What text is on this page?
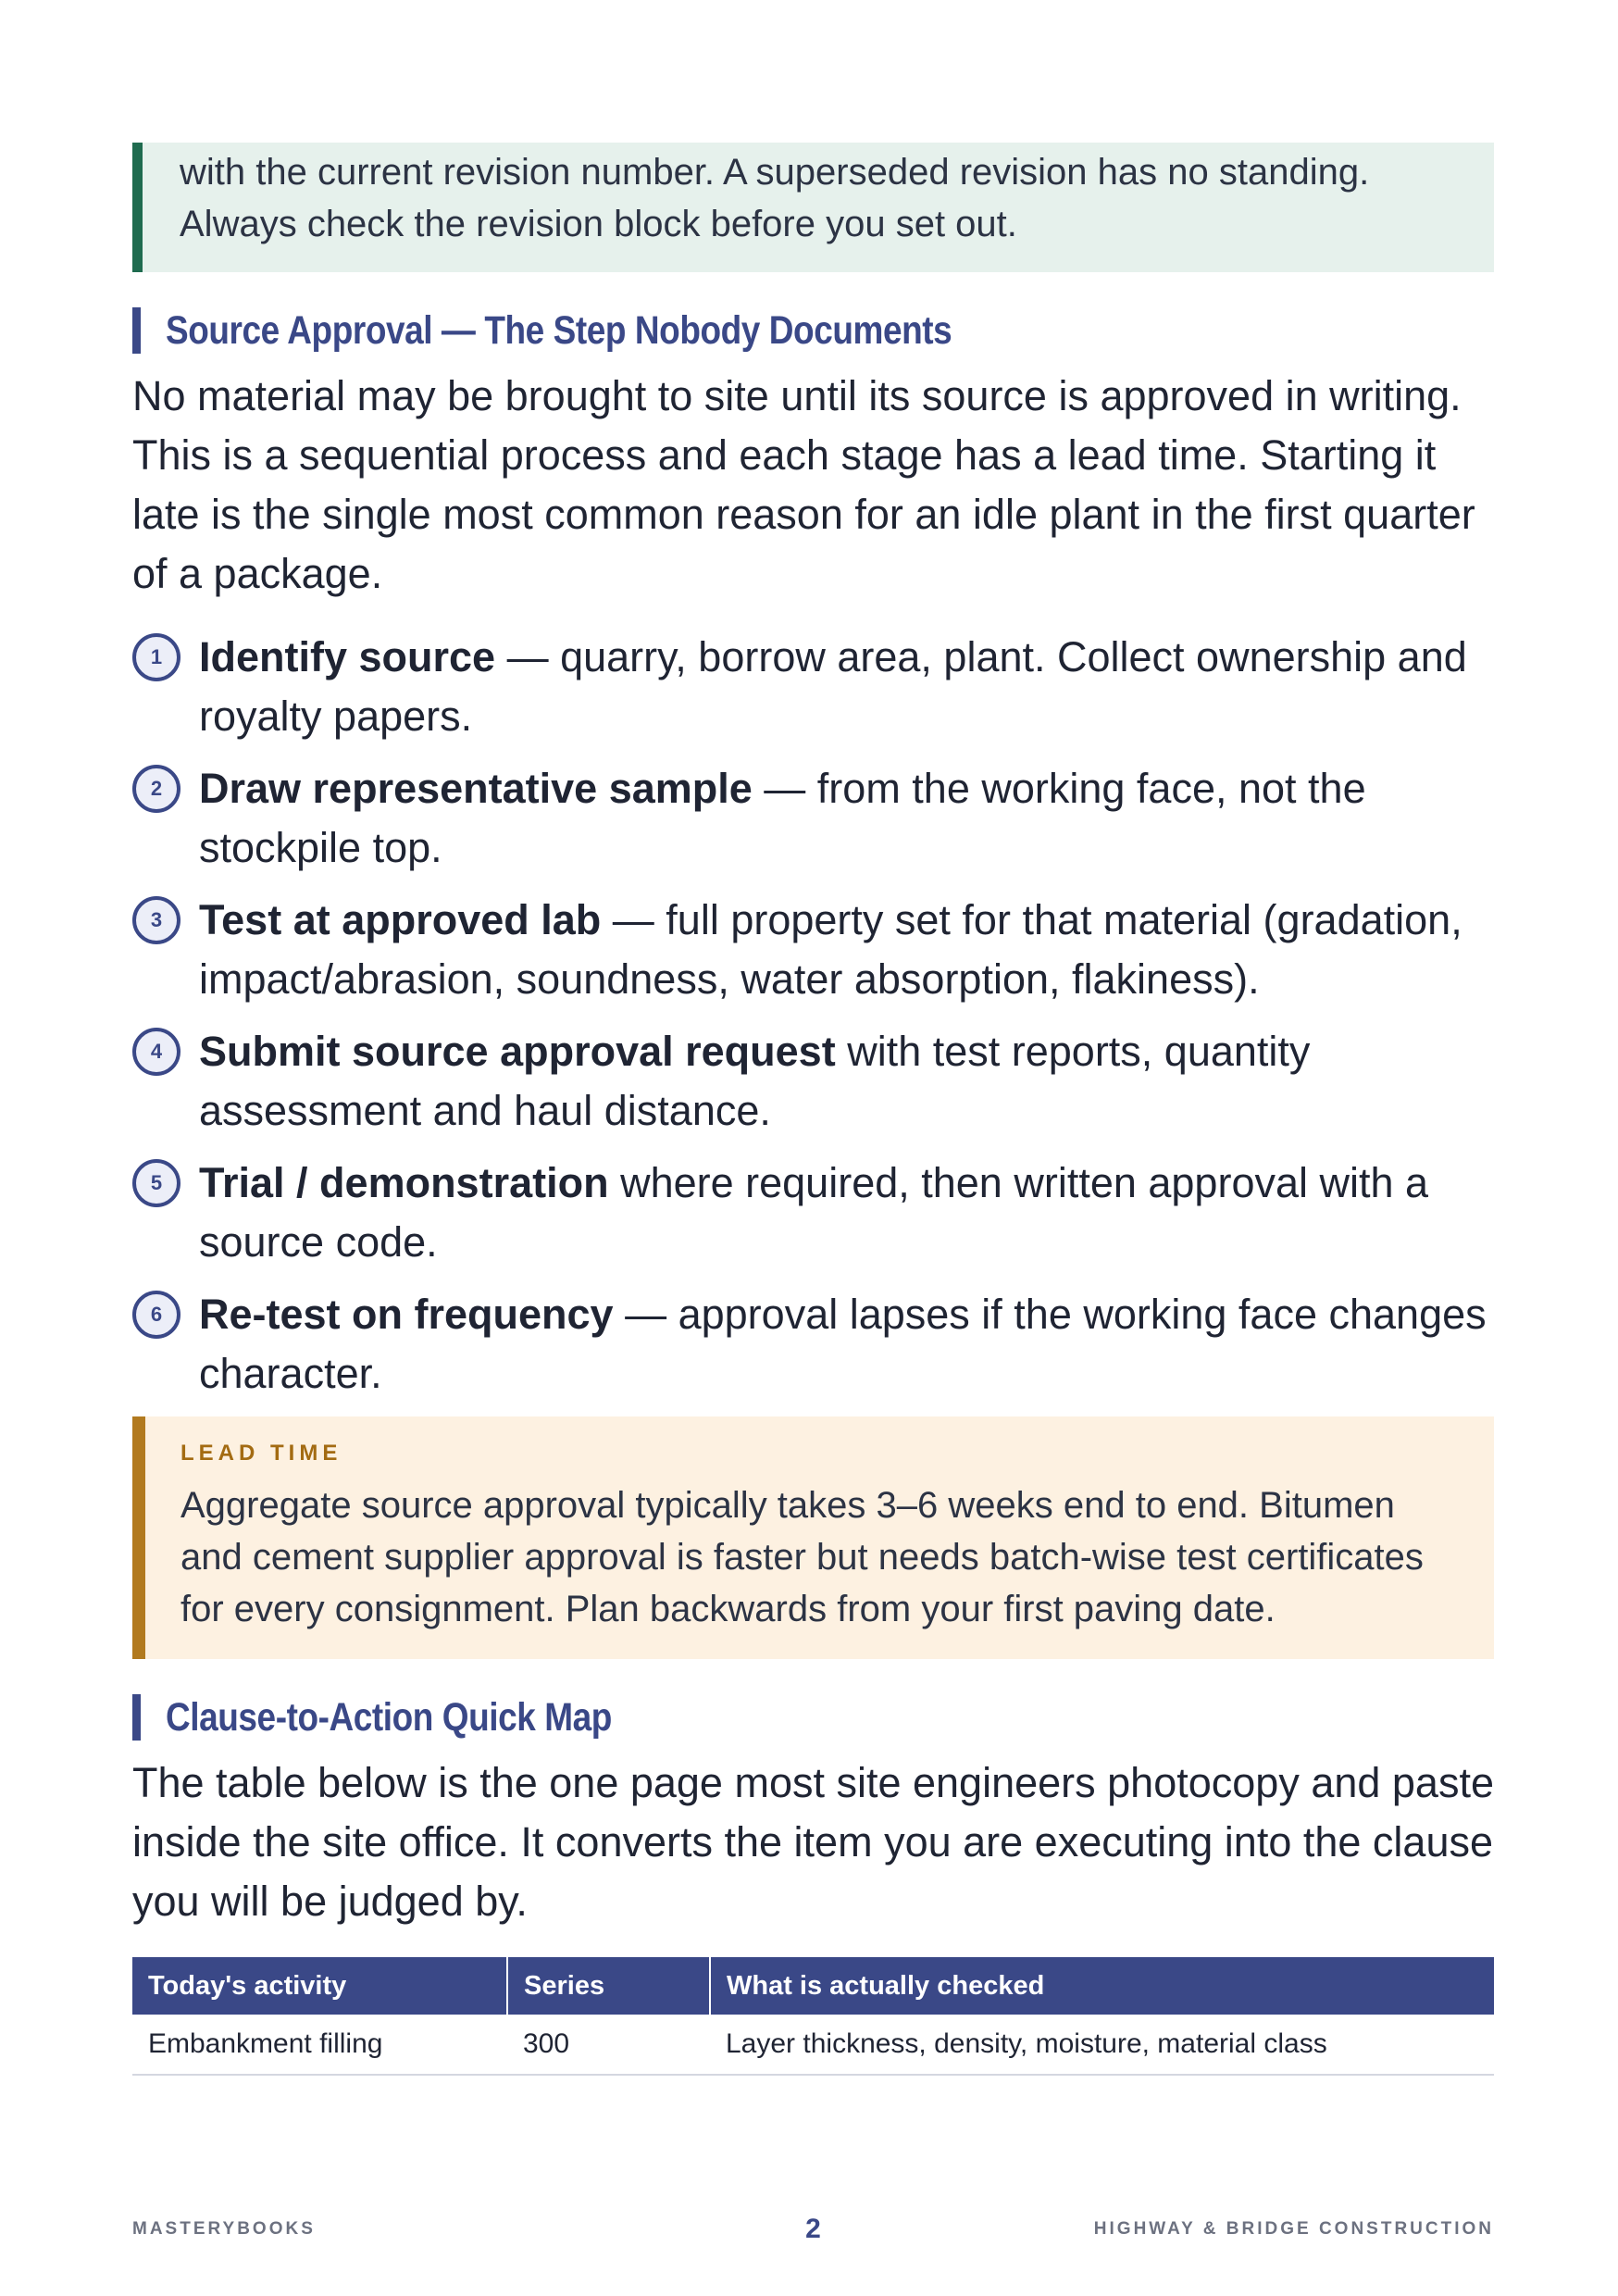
with the current revision number. A superseded revision has no standing.
Always check the revision block before you set out.
Source Approval — The Step Nobody Documents

No material may be brought to site until its source is approved in writing. This is a sequential process and each stage has a lead time. Starting it late is the single most common reason for an idle plant in the first quarter of a package.

1 Identify source — quarry, borrow area, plant. Collect ownership and royalty papers.
2 Draw representative sample — from the working face, not the stockpile top.
3 Test at approved lab — full property set for that material (gradation, impact/abrasion, soundness, water absorption, flakiness).
4 Submit source approval request with test reports, quantity assessment and haul distance.
5 Trial / demonstration where required, then written approval with a source code.
6 Re-test on frequency — approval lapses if the working face changes character.
LEAD TIME
Aggregate source approval typically takes 3–6 weeks end to end. Bitumen and cement supplier approval is faster but needs batch-wise test certificates for every consignment. Plan backwards from your first paving date.
Clause-to-Action Quick Map

The table below is the one page most site engineers photocopy and paste inside the site office. It converts the item you are executing into the clause you will be judged by.

Today's activity	Series	What is actually checked
Embankment filling	300	Layer thickness, density, moisture, material class
MASTERYBOOKS	2	HIGHWAY & BRIDGE CONSTRUCTION
